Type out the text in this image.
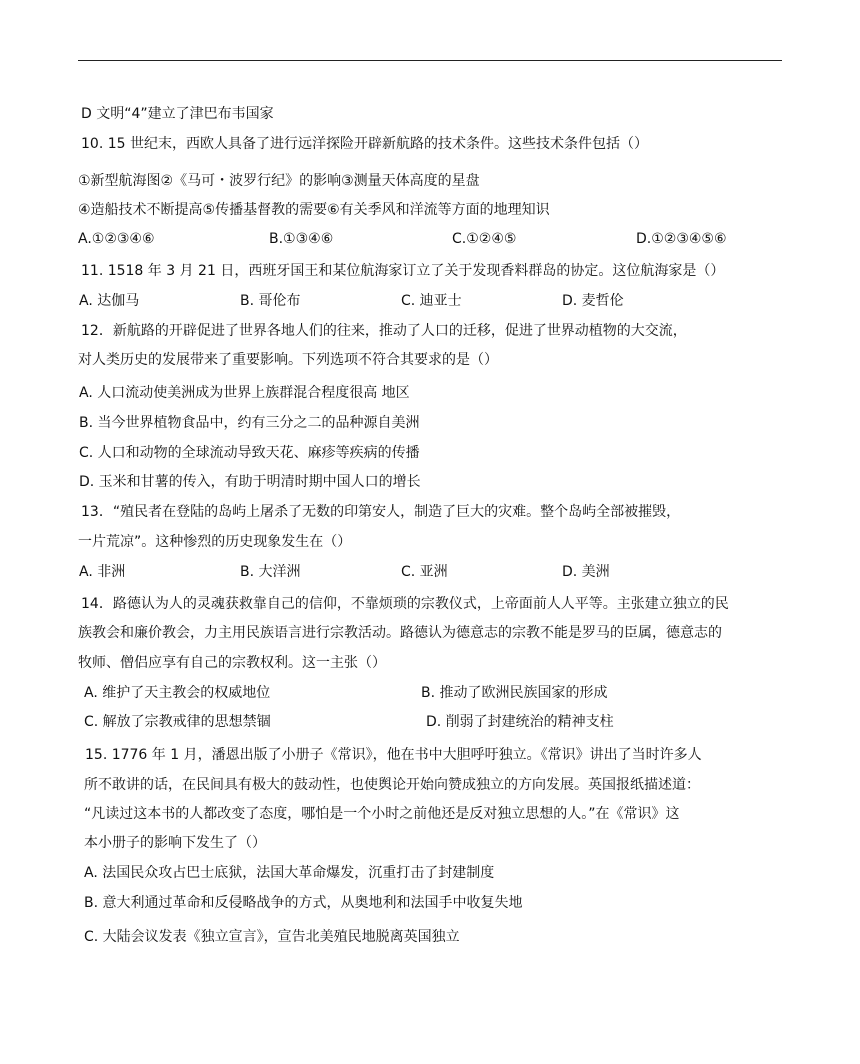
D 文明“4”建立了津巴布韦国家
10. 15 世纪末，西欧人具备了进行远洋探险开辟新航路的技术条件。这些技术条件包括（）
①新型航海图②《马可・波罗行纪》的影响③测量天体高度的星盘
④造船技术不断提高⑤传播基督教的需要⑥有关季风和洋流等方面的地理知识
A.①②③④⑥	B.①③④⑥	C.①②④⑤	D.①②③④⑤⑥
11. 1518 年 3 月 21 日，西班牙国王和某位航海家订立了关于发现香料群岛的协定。这位航海家是（）
A. 达伽马	B. 哥伦布	C. 迪亚士	D. 麦哲伦
12．新航路的开辟促进了世界各地人们的往来，推动了人口的迁移，促进了世界动植物的大交流，
对人类历史的发展带来了重要影响。下列选项不符合其要求的是（）
A. 人口流动使美洲成为世界上族群混合程度很高 地区
B. 当今世界植物食品中，约有三分之二的品种源自美洲
C. 人口和动物的全球流动导致天花、麻疹等疾病的传播
D. 玉米和甘薯的传入，有助于明清时期中国人口的增长
13．“殖民者在登陆的岛屿上屠杀了无数的印第安人，制造了巨大的灾难。整个岛屿全部被摧毁，
一片荒凉”。这种惨烈的历史现象发生在（）
A. 非洲	B. 大洋洲	C. 亚洲	D. 美洲
14．路德认为人的灵魂获救靠自己的信仰，不靠烦琐的宗教仪式，上帝面前人人平等。主张建立独立的民
族教会和廉价教会，力主用民族语言进行宗教活动。路德认为德意志的宗教不能是罗马的臣属，德意志的
牧师、僧侣应享有自己的宗教权利。这一主张（）
A. 维护了天主教会的权威地位	B. 推动了欧洲民族国家的形成
C. 解放了宗教戒律的思想禁锢	D. 削弱了封建统治的精神支柱
15. 1776 年 1 月，潘恩出版了小册子《常识》，他在书中大胆呼吁独立。《常识》讲出了当时许多人
所不敢讲的话，在民间具有极大的鼓动性，也使舆论开始向赞成独立的方向发展。英国报纸描述道：
“凡读过这本书的人都改变了态度，哪怕是一个小时之前他还是反对独立思想的人。”在《常识》这
本小册子的影响下发生了（）
A. 法国民众攻占巴士底狱，法国大革命爆发，沉重打击了封建制度
B. 意大利通过革命和反侵略战争的方式，从奥地利和法国手中收复失地
C. 大陆会议发表《独立宣言》，宣告北美殖民地脱离英国独立
